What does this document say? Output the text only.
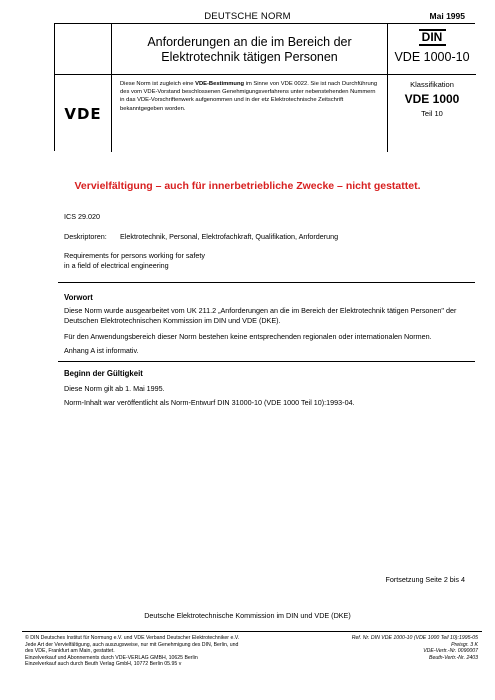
DEUTSCHE NORM	Mai 1995
Anforderungen an die im Bereich der
Elektrotechnik tätigen Personen
DIN
VDE 1000-10
VDE
Diese Norm ist zugleich eine VDE-Bestimmung im Sinne von VDE 0022. Sie ist nach Durchführung des vom VDE-Vorstand beschlossenen Genehmigungsverfahrens unter nebenstehenden Nummern in das VDE-Vorschriftenwerk aufgenommen und in der etz Elektrotechnische Zeitschrift bekanntgegeben worden.
Klassifikation
VDE 1000
Teil 10
Vervielfältigung – auch für innerbetriebliche Zwecke – nicht gestattet.
ICS 29.020
Deskriptoren: Elektrotechnik, Personal, Elektrofachkraft, Qualifikation, Anforderung
Requirements for persons working for safety
in a field of electrical engineering
Vorwort
Diese Norm wurde ausgearbeitet vom UK 211.2 „Anforderungen an die im Bereich der Elektrotechnik tätigen Personen" der Deutschen Elektrotechnischen Kommission im DIN und VDE (DKE).
Für den Anwendungsbereich dieser Norm bestehen keine entsprechenden regionalen oder internationalen Normen.
Anhang A ist informativ.
Beginn der Gültigkeit
Diese Norm gilt ab 1. Mai 1995.
Norm-Inhalt war veröffentlicht als Norm-Entwurf DIN 31000-10 (VDE 1000 Teil 10):1993-04.
Fortsetzung Seite 2 bis 4
Deutsche Elektrotechnische Kommission im DIN und VDE (DKE)
© DIN Deutsches Institut für Normung e.V. und VDE Verband Deutscher Elektrotechniker e.V.
Jede Art der Vervielfältigung, auch auszugsweise, nur mit Genehmigung des DIN, Berlin, und
des VDE, Frankfurt am Main, gestattet.
Einzelverkauf und Abonnements durch VDE-VERLAG GMBH, 10625 Berlin
Einzelverkauf auch durch Beuth Verlag GmbH, 10772 Berlin 05.95 v
Ref. Nr. DIN VDE 1000-10 (VDE 1000 Teil 10):1995-05
Preisgr. 3 K
VDE-Vertr.-Nr. 0090007
Beuth-Vertr.-Nr. 2403
